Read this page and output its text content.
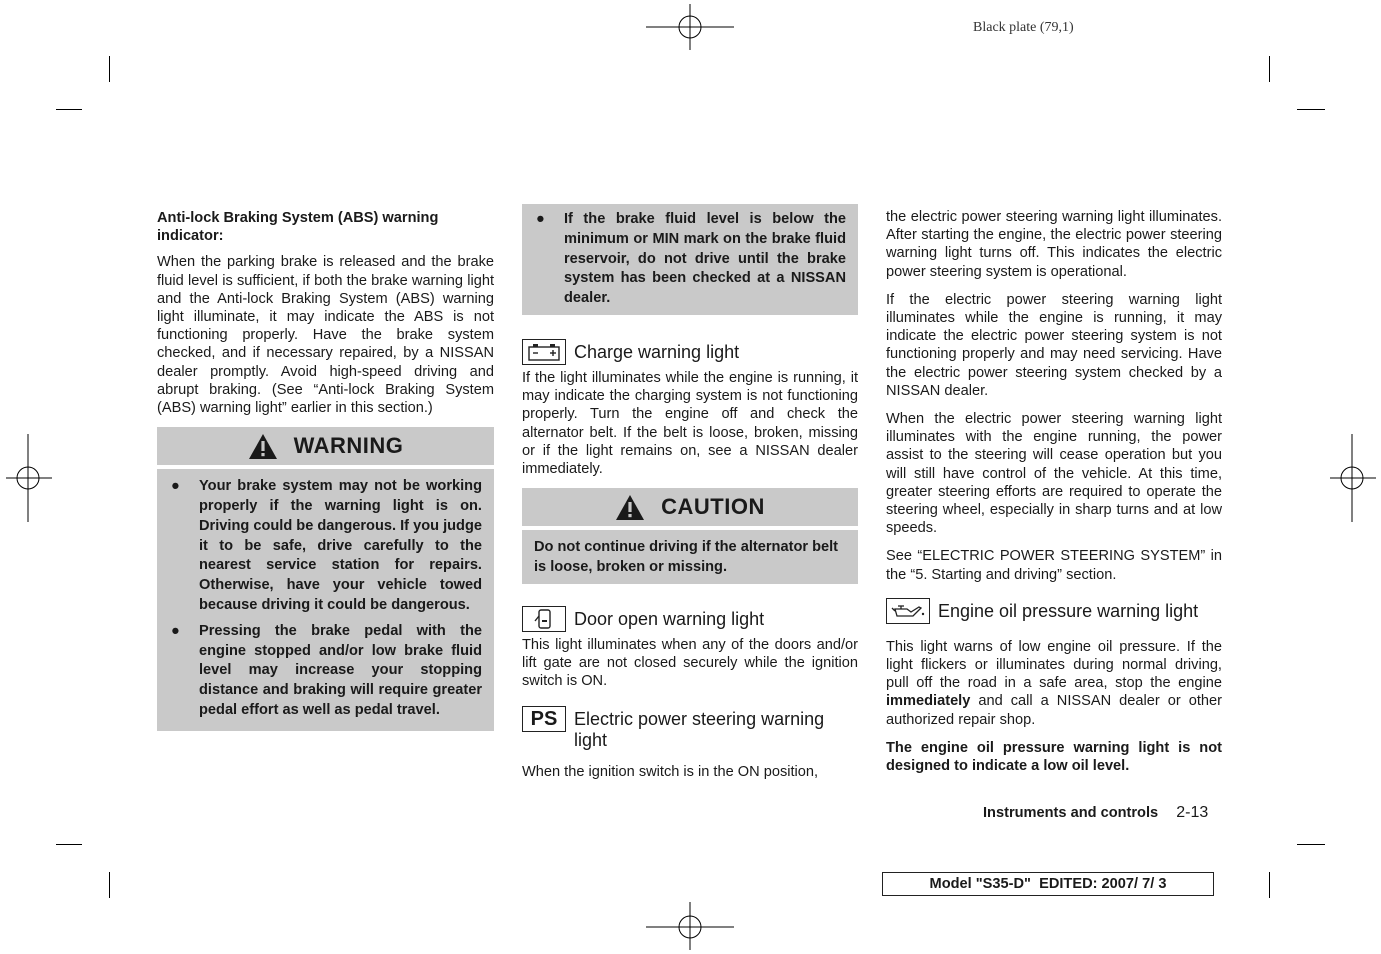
Black plate (79,1)
Anti-lock Braking System (ABS) warning indicator:

When the parking brake is released and the brake fluid level is sufficient, if both the brake warning light and the Anti-lock Braking System (ABS) warning light illuminate, it may indicate the ABS is not functioning properly. Have the brake system checked, and if necessary repaired, by a NISSAN dealer promptly. Avoid high-speed driving and abrupt braking. (See “Anti-lock Braking System (ABS) warning light” earlier in this section.)

WARNING
●	Your brake system may not be working properly if the warning light is on. Driving could be dangerous. If you judge it to be safe, drive carefully to the nearest service station for repairs. Otherwise, have your vehicle towed because driving it could be dangerous.
●	Pressing the brake pedal with the engine stopped and/or low brake fluid level may increase your stopping distance and braking will require greater pedal effort as well as pedal travel.
●	If the brake fluid level is below the minimum or MIN mark on the brake fluid reservoir, do not drive until the brake system has been checked at a NISSAN dealer.
Charge warning light

If the light illuminates while the engine is running, it may indicate the charging system is not functioning properly. Turn the engine off and check the alternator belt. If the belt is loose, broken, missing or if the light remains on, see a NISSAN dealer immediately.

CAUTION
Do not continue driving if the alternator belt is loose, broken or missing.
Door open warning light

This light illuminates when any of the doors and/or lift gate are not closed securely while the ignition switch is ON.

PS Electric power steering warning light

When the ignition switch is in the ON position,

the electric power steering warning light illuminates. After starting the engine, the electric power steering warning light turns off. This indicates the electric power steering system is operational.

If the electric power steering warning light illuminates while the engine is running, it may indicate the electric power steering system is not functioning properly and may need servicing. Have the electric power steering system checked by a NISSAN dealer.

When the electric power steering warning light illuminates with the engine running, the power assist to the steering will cease operation but you will still have control of the vehicle. At this time, greater steering efforts are required to operate the steering wheel, especially in sharp turns and at low speeds.

See “ELECTRIC POWER STEERING SYSTEM” in the “5. Starting and driving” section.

Engine oil pressure warning light

This light warns of low engine oil pressure. If the light flickers or illuminates during normal driving, pull off the road in a safe area, stop the engine immediately and call a NISSAN dealer or other authorized repair shop.

The engine oil pressure warning light is not designed to indicate a low oil level.

Instruments and controls 2-13
Model
"S35-D"
EDITED: 2007/ 7/ 3
